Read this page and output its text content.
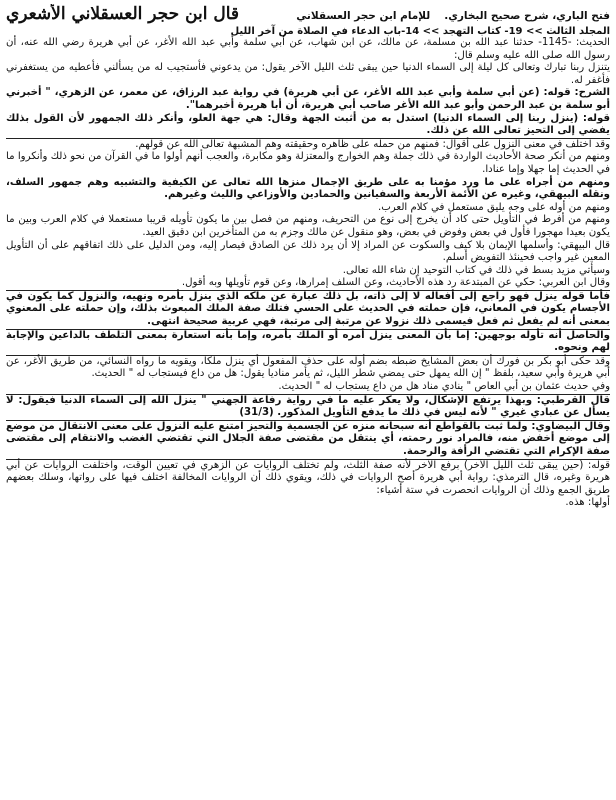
فتح الباري، شرح صحيح البخاري.
للإمام ابن حجر العسقلاني
قال ابن حجر العسقلاني الأشعري
المجلد الثالث >> 19- كتاب التهجد >> 14-باب الدعاء في الصلاة من آخر الليل

الحديث: -1145- حدثنا عبد الله بن مسلمة، عن مالك، عن ابن شهاب، عن أبي سلمة وأبي عبد الله الأغر، عن أبي هريرة رضي الله عنه، أن رسول الله صلى الله عليه وسلم قال:

يتنزل ربنا تبارك وتعالى كل ليلة إلى السماء الدنيا حين يبقى ثلث الليل الآخر يقول: من يدعوني فأستجيب له من يسألني فأعطيه من يستغفرني فأغفر له.

الشرح: قوله: (عن أبي سلمة وأبي عبد الله الأغر، عن أبي هريرة) في رواية عبد الرزاق، عن معمر، عن الزهري، " أخبرني أبو سلمة بن عبد الرحمن وأبو عبد الله الأغر صاحب أبي هريرة، أن أبا هريرة أخبرهما".

قوله: (ينزل ربنا إلى السماء الدنيا) استدل به من أثبت الجهة وقال: هي جهة العلو، وأنكر ذلك الجمهور لأن القول بذلك يفضي إلى التحيز تعالى الله عن ذلك.

وقد اختلف في معنى النزول على أقوال: فمنهم من حمله على ظاهره وحقيقته وهم المشبهة تعالى الله عن قولهم.

ومنهم من أنكر صحة الأحاديث الواردة في ذلك جملة وهم الخوارج والمعتزلة وهو مكابرة، والعجب أنهم أولوا ما في القرآن من نحو ذلك وأنكروا ما في الحديث إما جهلا وإما عنادا.

ومنهم من أجراه على ما ورد مؤمنا به على طريق الإجمال منزها الله تعالى عن الكيفية والتشبيه وهم جمهور السلف، ونقله البيهقي، وغيره عن الأئمة الأربعة والسفيانين والحمادين والأوزاعي والليث وغيرهم.

ومنهم من أوله على وجه يليق مستعمل في كلام العرب.

ومنهم من أفرط في التأويل حتى كاد أن يخرج إلى نوع من التحريف، ومنهم من فصل بين ما يكون تأويله قريبا مستعملا في كلام العرب وبين ما يكون بعيدا مهجورا فأول في بعض وفوض في بعض، وهو منقول عن مالك وجزم به من المتأخرين ابن دقيق العيد.

قال البيهقي: وأسلمها الإيمان بلا كيف والسكوت عن المراد إلا أن يرد ذلك عن الصادق فيصار إليه، ومن الدليل على ذلك اتفاقهم على أن التأويل المعين غير واجب فحينئذ التفويض أسلم.

وسيأتي مزيد بسط في ذلك في كتاب التوحيد إن شاء الله تعالى.

وقال ابن العربي: حكي عن المبتدعة رد هذه الأحاديث، وعن السلف إمرارها، وعن قوم تأويلها وبه أقول.

فأما قوله ينزل فهو راجع إلى أفعاله لا إلى ذاته، بل ذلك عبارة عن ملكه الذي ينزل بأمره ونهيه، والنزول كما يكون في الأجسام يكون في المعاني، فإن حملته في الحديث على الحسي فتلك صفة الملك المبعوث بذلك، وإن حملته على المعنوي بمعنى أنه لم يفعل ثم فعل فيسمى ذلك نزولا عن مرتبة إلى مرتبة، فهي عربية صحيحة انتهى.

والحاصل أنه تأوله بوجهين: إما بأن المعنى ينزل أمره أو الملك بأمره، وإما بأنه استعارة بمعنى التلطف بالداعين والإجابة لهم ونحوه.

وقد حكى أبو بكر بن فورك أن بعض المشايخ ضبطه بضم أوله على حذف المفعول أي ينزل ملكا، ويقويه ما رواه النسائي، من طريق الأغر، عن أبي هريرة وأبي سعيد، بلفظ " إن الله يمهل حتى يمضي شطر الليل، ثم يأمر مناديا يقول: هل من داع فيستجاب له " الحديث.

وفي حديث عثمان بن أبي العاص " ينادي مناد هل من داع يستجاب له " الحديث.

قال القرطبي: وبهذا يرتفع الإشكال، ولا يعكر عليه ما في رواية رفاعة الجهني " ينزل الله إلى السماء الدنيا فيقول: لا يسأل عن عبادي غيري " لأنه ليس في ذلك ما يدفع التأويل المذكور. (31/3)

وقال البيضاوي: ولما ثبت بالقواطع أنه سبحانه منزه عن الجسمية والتحيز امتنع عليه النزول على معنى الانتقال من موضع إلى موضع أخفض منه، فالمراد نور رحمته، أي ينتقل من مقتضى صفة الجلال التي تقتضي الغضب والانتقام إلى مقتضى صفة الإكرام التي تقتضي الرأفة والرحمة.

قوله: (حين يبقى ثلث الليل الآخر) برفع الآخر لأنه صفة الثلث، ولم تختلف الروايات عن الزهري في تعيين الوقت، واختلفت الروايات عن أبي هريرة وغيره، قال الترمذي: رواية أبي هريرة أصح الروايات في ذلك، ويقوي ذلك أن الروايات المخالفة اختلف فيها على رواتها، وسلك بعضهم طريق الجمع وذلك أن الروايات انحصرت في ستة أشياء:

أولها: هذه.
